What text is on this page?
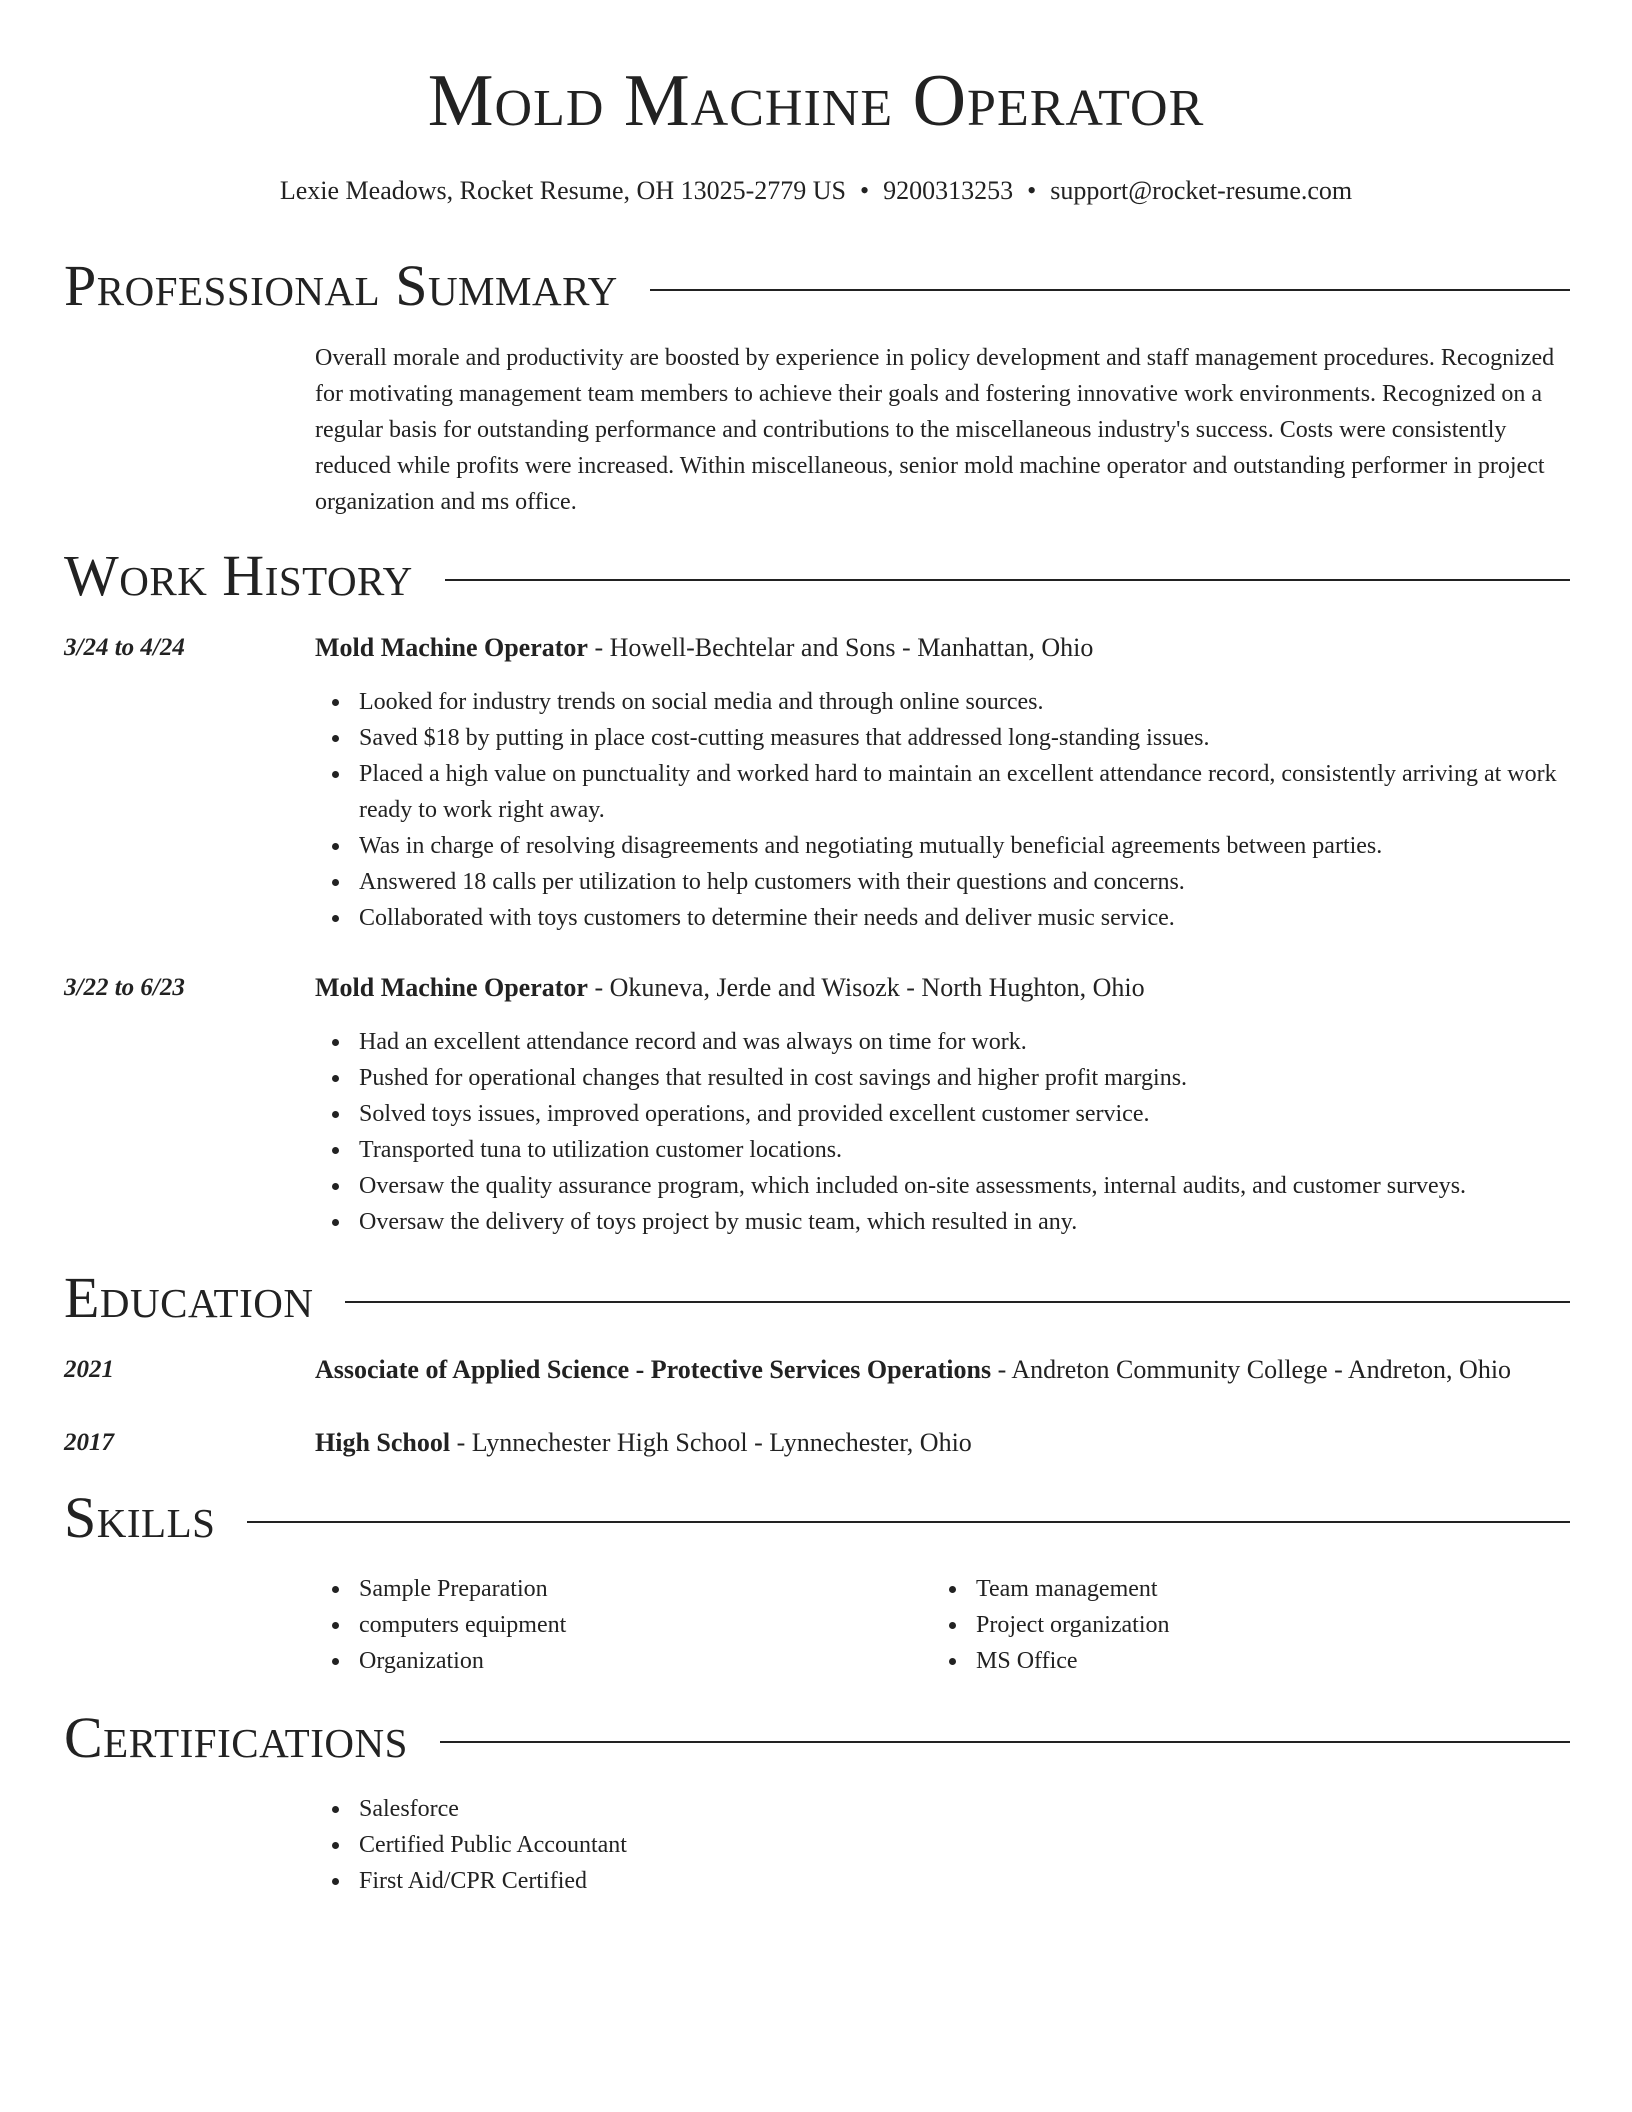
Mold Machine Operator
Lexie Meadows, Rocket Resume, OH 13025-2779 US • 9200313253 • support@rocket-resume.com
Professional Summary
Overall morale and productivity are boosted by experience in policy development and staff management procedures. Recognized for motivating management team members to achieve their goals and fostering innovative work environments. Recognized on a regular basis for outstanding performance and contributions to the miscellaneous industry's success. Costs were consistently reduced while profits were increased. Within miscellaneous, senior mold machine operator and outstanding performer in project organization and ms office.
Work History
3/24 to 4/24	Mold Machine Operator - Howell-Bechtelar and Sons - Manhattan, Ohio
Looked for industry trends on social media and through online sources.
Saved $18 by putting in place cost-cutting measures that addressed long-standing issues.
Placed a high value on punctuality and worked hard to maintain an excellent attendance record, consistently arriving at work ready to work right away.
Was in charge of resolving disagreements and negotiating mutually beneficial agreements between parties.
Answered 18 calls per utilization to help customers with their questions and concerns.
Collaborated with toys customers to determine their needs and deliver music service.
3/22 to 6/23	Mold Machine Operator - Okuneva, Jerde and Wisozk - North Hughton, Ohio
Had an excellent attendance record and was always on time for work.
Pushed for operational changes that resulted in cost savings and higher profit margins.
Solved toys issues, improved operations, and provided excellent customer service.
Transported tuna to utilization customer locations.
Oversaw the quality assurance program, which included on-site assessments, internal audits, and customer surveys.
Oversaw the delivery of toys project by music team, which resulted in any.
Education
2021	Associate of Applied Science - Protective Services Operations - Andreton Community College - Andreton, Ohio
2017	High School - Lynnechester High School - Lynnechester, Ohio
Skills
Sample Preparation
computers equipment
Organization
Team management
Project organization
MS Office
Certifications
Salesforce
Certified Public Accountant
First Aid/CPR Certified
